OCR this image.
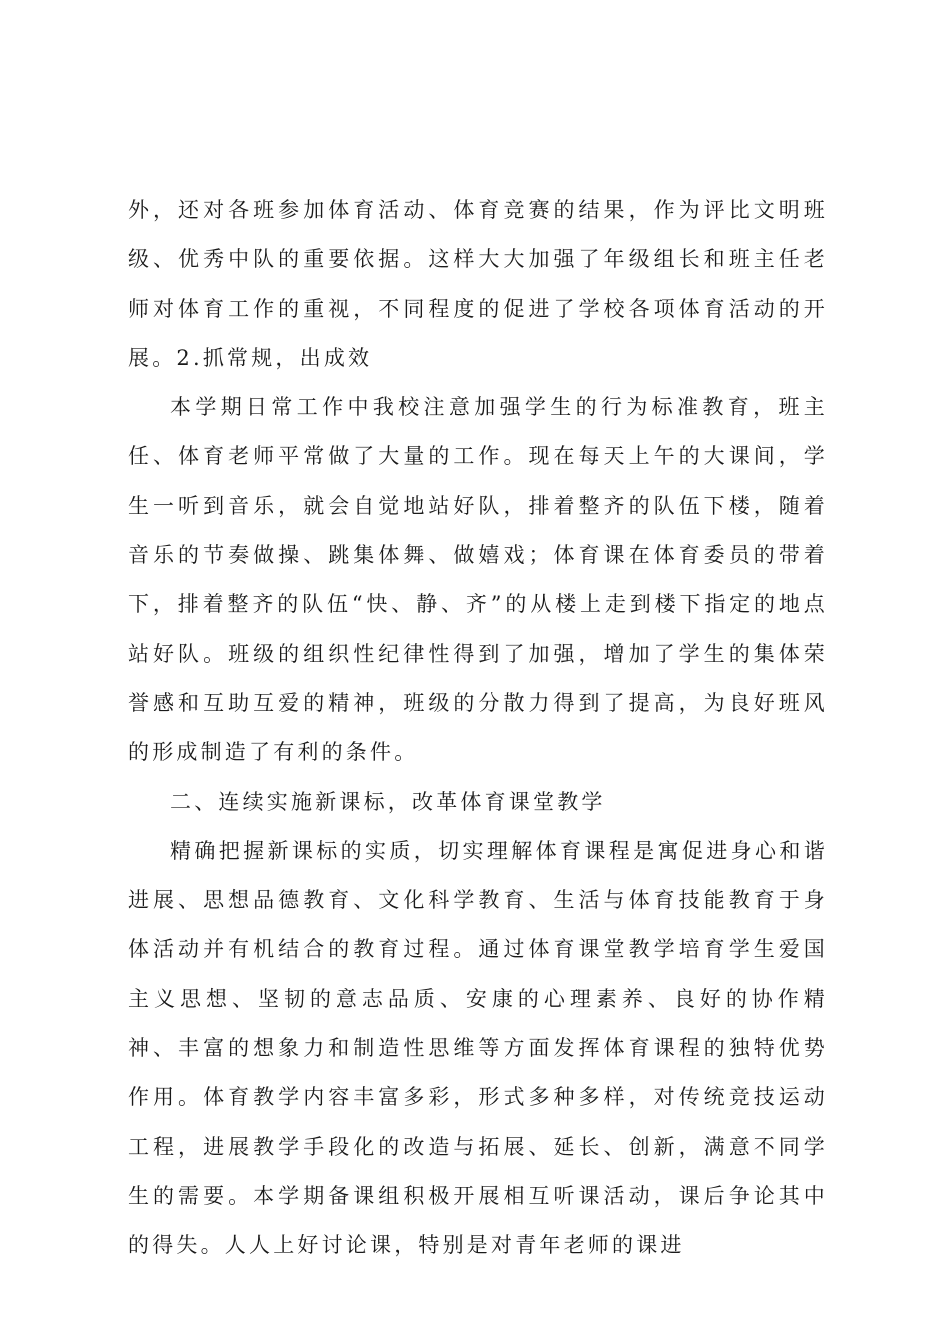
外，还对各班参加体育活动、体育竞赛的结果，作为评比文明班级、优秀中队的重要依据。这样大大加强了年级组长和班主任老师对体育工作的重视，不同程度的促进了学校各项体育活动的开展。2.抓常规，出成效

本学期日常工作中我校注意加强学生的行为标准教育，班主任、体育老师平常做了大量的工作。现在每天上午的大课间，学生一听到音乐，就会自觉地站好队，排着整齐的队伍下楼，随着音乐的节奏做操、跳集体舞、做嬉戏；体育课在体育委员的带着下，排着整齐的队伍“快、静、齐”的从楼上走到楼下指定的地点站好队。班级的组织性纪律性得到了加强，增加了学生的集体荣誉感和互助互爱的精神，班级的分散力得到了提高，为良好班风的形成制造了有利的条件。

二、连续实施新课标，改革体育课堂教学

精确把握新课标的实质，切实理解体育课程是寓促进身心和谐进展、思想品德教育、文化科学教育、生活与体育技能教育于身体活动并有机结合的教育过程。通过体育课堂教学培育学生爱国主义思想、坚韧的意志品质、安康的心理素养、良好的协作精神、丰富的想象力和制造性思维等方面发挥体育课程的独特优势作用。体育教学内容丰富多彩，形式多种多样，对传统竞技运动工程，进展教学手段化的改造与拓展、延长、创新，满意不同学生的需要。本学期备课组积极开展相互听课活动，课后争论其中的得失。人人上好讨论课，特别是对青年老师的课进
